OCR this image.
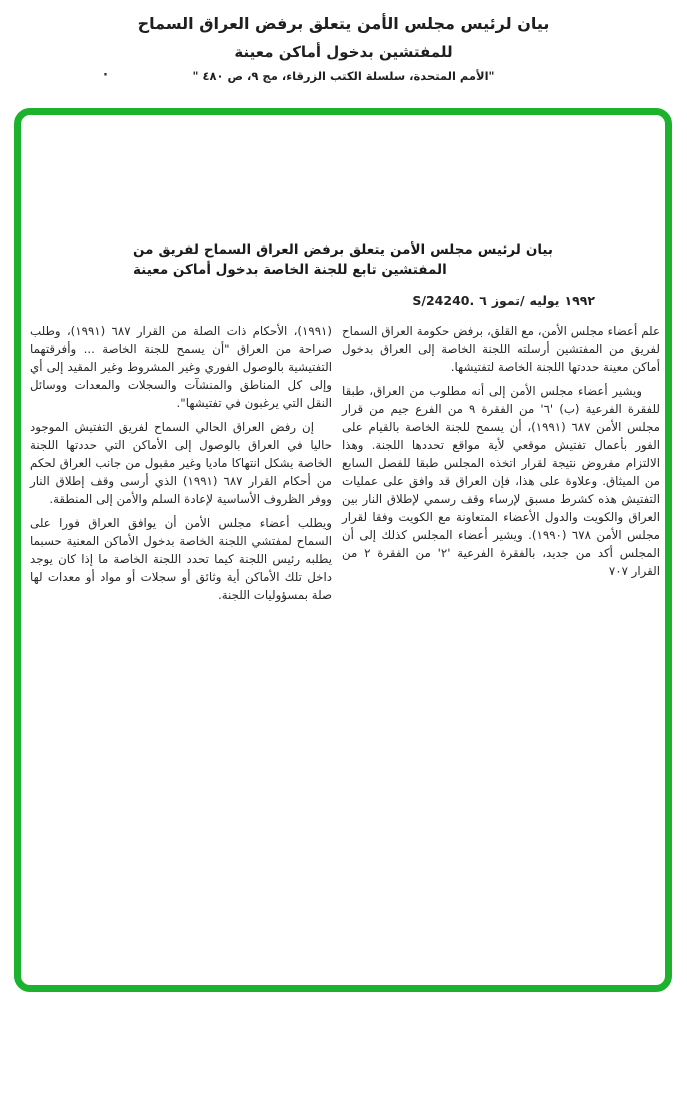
بيان لرئيس مجلس الأمن يتعلق برفض العراق السماح
للمفتشين بدخول أماكن معينة
"الأمم المتحدة، سلسلة الكتب الزرقاء، مج ٩، ص ٤٨٠ "
·
بيان لرئيس مجلس الأمن يتعلق برفض العراق السماح لفريق من
المفتشين تابع للجنة الخاصة بدخول أماكن معينة
S/24240. ٦ تموز/ يوليه ١٩٩٢

علم أعضاء مجلس الأمن، مع القلق، برفض حكومة العراق السماح لفريق من المفتشين أرسلته اللجنة الخاصة إلى العراق بدخول أماكن معينة حددتها اللجنة الخاصة لتفتيشها.

ويشير أعضاء مجلس الأمن إلى أنه مطلوب من العراق، طبقا للفقرة الفرعية (ب) '٦' من الفقرة ٩ من الفرع جيم من قرار مجلس الأمن ٦٨٧ (١٩٩١)، أن يسمح للجنة الخاصة بالقيام على الفور بأعمال تفتيش موقعي لأية مواقع تحددها اللجنة. وهذا الالتزام مفروض نتيجة لقرار اتخذه المجلس طبقا للفصل السابع من الميثاق. وعلاوة على هذا، فإن العراق قد وافق على عمليات التفتيش هذه كشرط مسبق لإرساء وقف رسمي لإطلاق النار بين العراق والكويت والدول الأعضاء المتعاونة مع الكويت وفقا لقرار مجلس الأمن ٦٧٨ (١٩٩٠). ويشير أعضاء المجلس كذلك إلى أن المجلس أكد من جديد، بالفقرة الفرعية '٢' من الفقرة ٢ من القرار ٧٠٧

(١٩٩١)، الأحكام ذات الصلة من القرار ٦٨٧ (١٩٩١)، وطلب صراحة من العراق "أن يسمح للجنة الخاصة ... وأفرقتهما التفتيشية بالوصول الفوري وغير المشروط وغير المقيد إلى أي وإلى كل المناطق والمنشآت والسجلات والمعدات ووسائل النقل التي يرغبون في تفتيشها".

إن رفض العراق الحالي السماح لفريق التفتيش الموجود حاليا في العراق بالوصول إلى الأماكن التي حددتها اللجنة الخاصة يشكل انتهاكا ماديا وغير مقبول من جانب العراق لحكم من أحكام القرار ٦٨٧ (١٩٩١) الذي أرسى وقف إطلاق النار ووفر الظروف الأساسية لإعادة السلم والأمن إلى المنطقة.

ويطلب أعضاء مجلس الأمن أن يوافق العراق فورا على السماح لمفتشي اللجنة الخاصة بدخول الأماكن المعنية حسبما يطلبه رئيس اللجنة كيما تحدد اللجنة الخاصة ما إذا كان يوجد داخل تلك الأماكن أية وثائق أو سجلات أو مواد أو معدات لها صلة بمسؤوليات اللجنة.
